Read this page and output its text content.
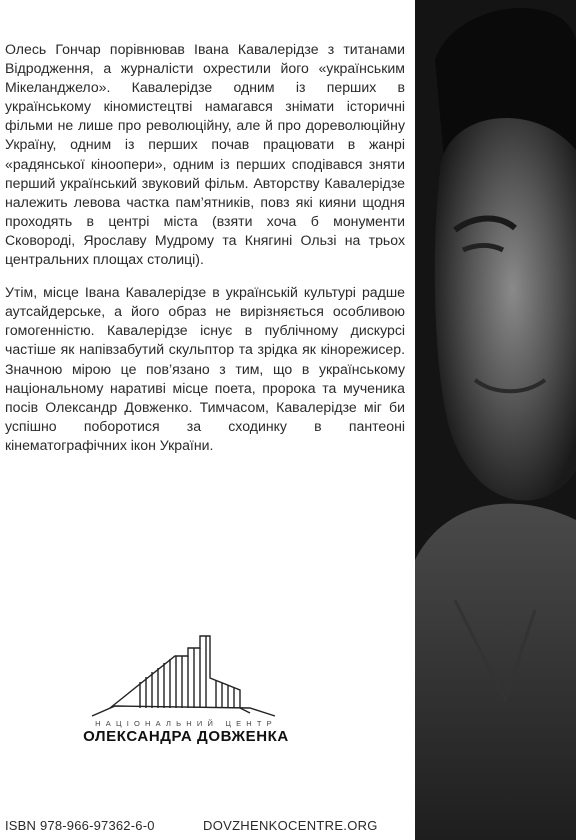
Олесь Гончар порівнював Івана Кавалерідзе з титанами Відродження, а журналісти охрестили його «українським Мікеланджело». Кавалерідзе одним із перших в українському кіномистецтві намагався знімати історичні фільми не лише про революційну, але й про дореволюційну Україну, одним із перших почав працювати в жанрі «радянської кіноопери», одним із перших сподівався зняти перший український звуковий фільм. Авторству Кавалерідзе належить левова частка пам’ятників, повз які кияни щодня проходять в центрі міста (взяти хоча б монументи Сковороді, Ярославу Мудрому та Княгині Ользі на трьох центральних площах столиці).

Утім, місце Івана Кавалерідзе в українській культурі радше аутсайдерське, а його образ не вирізняється особливою гомогенністю. Кавалерідзе існує в публічному дискурсі частіше як напівзабутий скульптор та зрідка як кінорежисер. Значною мірою це пов’язано з тим, що в українському національному наративі місце поета, пророка та мученика посів Олександр Довженко. Тимчасом, Кавалерідзе міг би успішно поборотися за сходинку в пантеоні кінематографічних ікон України.

НАЦІОНАЛЬНИЙ ЦЕНТР
ОЛЕКСАНДРА ДОВЖЕНКА
ISBN 978-966-97362-6-0	DOVZHENKOCENTRE.ORG
